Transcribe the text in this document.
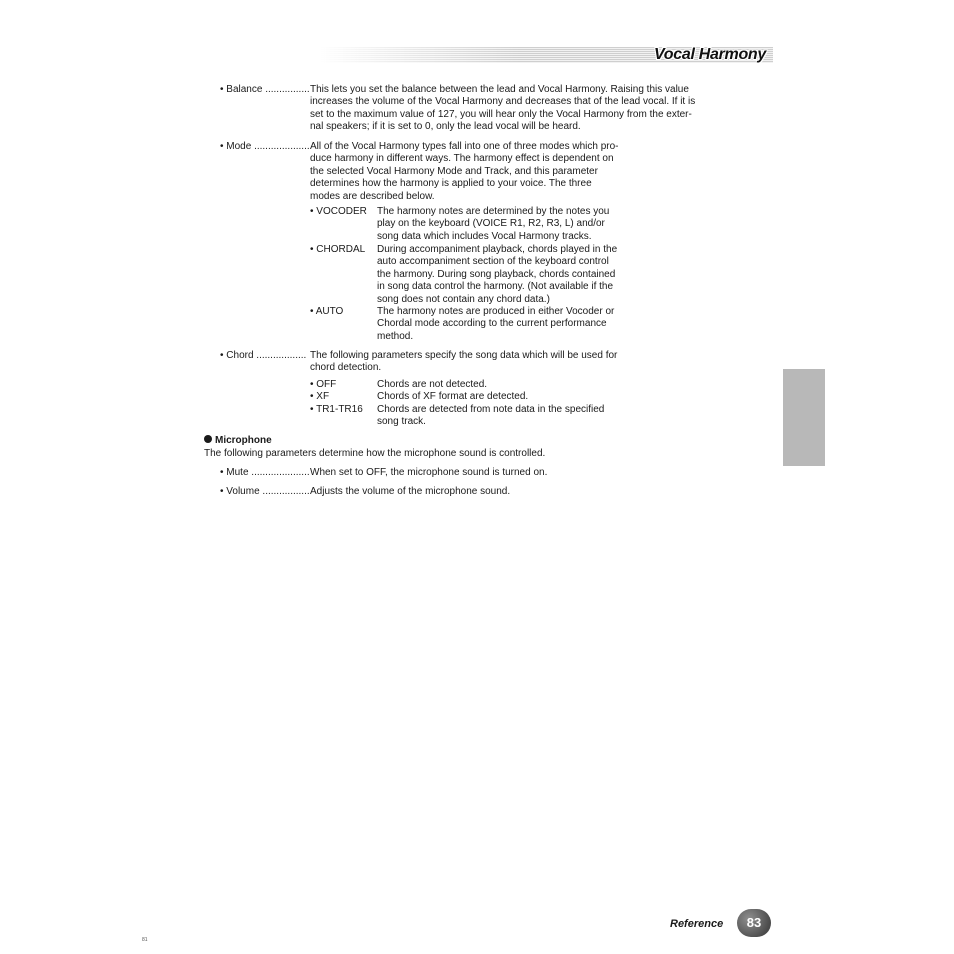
Vocal Harmony
• Balance ................ This lets you set the balance between the lead and Vocal Harmony. Raising this value
increases the volume of the Vocal Harmony and decreases that of the lead vocal. If it is
set to the maximum value of 127, you will hear only the Vocal Harmony from the exter-
nal speakers; if it is set to 0, only the lead vocal will be heard.
• Mode .................... All of the Vocal Harmony types fall into one of three modes which pro-
duce harmony in different ways. The harmony effect is dependent on
the selected Vocal Harmony Mode and Track, and this parameter
determines how the harmony is applied to your voice. The three
modes are described below.
• VOCODER The harmony notes are determined by the notes you
play on the keyboard (VOICE R1, R2, R3, L) and/or
song data which includes Vocal Harmony tracks.
• CHORDAL During accompaniment playback, chords played in the
auto accompaniment section of the keyboard control
the harmony. During song playback, chords contained
in song data control the harmony. (Not available if the
song does not contain any chord data.)
• AUTO	The harmony notes are produced in either Vocoder or
Chordal mode according to the current performance
method.
• Chord .................. The following parameters specify the song data which will be used for
chord detection.
• OFF	Chords are not detected.
• XF	Chords of XF format are detected.
• TR1-TR16 Chords are detected from note data in the specified
song track.
Microphone
The following parameters determine how the microphone sound is controlled.
• Mute ..................... When set to OFF, the microphone sound is turned on.
• Volume ................. Adjusts the volume of the microphone sound.
Reference	83
81
